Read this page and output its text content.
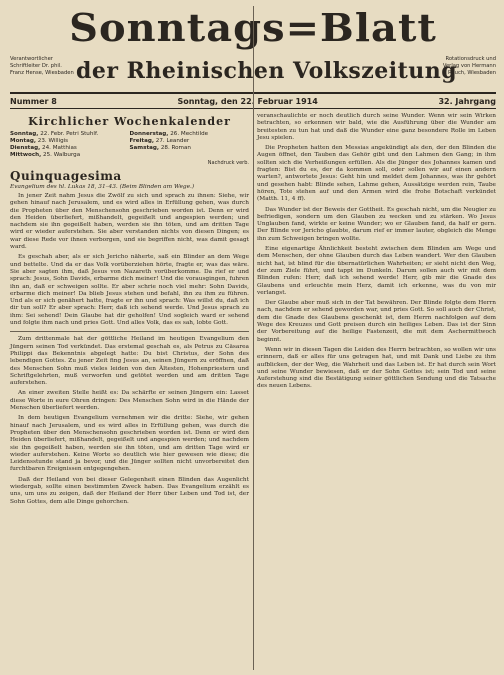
Sonntags=Blatt
Verantwortlicher Schriftleiter Dr. phil. Franz Hense, Wiesbaden der Rheinischen Volkszeitung
Rotationsdruck und Verlag von Hermann Rauch, Wiesbaden
Nummer 8	Sonntag, den 22. Februar 1914	32. Jahrgang
Kirchlicher Wochenkalender
Sonntag, 22. Febr. Petri Stuhlf.
Montag, 23. Willigis
Dienstag, 24. Matthias
Mittwoch, 25. Walburga
Donnerstag, 26. Mechtilde
Freitag, 27. Leander
Samstag, 28. Roman
Nachdruck verb.
Quinquagesima
Evangelium des hl. Lukas 18, 31–43. (Beim Blinden am Wege.)

In jener Zeit nahm Jesus die Zwölf zu sich und sprach zu ihnen: Siehe, wir gehen hinauf nach Jerusalem, und es wird alles in Erfüllung gehen, was durch die Propheten über den Menschensohn geschrieben worden ist. Denn er wird den Heiden überliefert, mißhandelt, gegeißelt und angespien werden; und nachdem sie ihn gegeißelt haben, werden sie ihn töten, und am dritten Tage wird er wieder auferstehen. Sie aber verstanden nichts von diesen Dingen; es war diese Rede vor ihnen verborgen, und sie begriffen nicht, was damit gesagt ward.

Es geschah aber, als er sich Jericho näherte, saß ein Blinder an dem Wege und bettelte. Und da er das Volk vorüberziehen hörte, fragte er, was das wäre. Sie aber sagten ihm, daß Jesus von Nazareth vorüberkomme. Da rief er und sprach: Jesus, Sohn Davids, erbarme dich meiner! Und die vorausgingen, fuhren ihn an, daß er schweigen sollte. Er aber schrie noch viel mehr: Sohn Davids, erbarme dich meiner! Da blieb Jesus stehen und befahl, ihn zu ihm zu führen. Und als er sich genähert hatte, fragte er ihn und sprach: Was willst du, daß ich dir tun soll? Er aber sprach: Herr, daß ich sehend werde. Und Jesus sprach zu ihm: Sei sehend! Dein Glaube hat dir geholfen! Und sogleich ward er sehend und folgte ihm nach und pries Gott. Und alles Volk, das es sah, lobte Gott.

Zum drittenmale hat der göttliche Heiland im heutigen Evangelium den Jüngern seinen Tod verkündet. Das erstemal geschah es, als Petrus zu Cäsarea Philippi das Bekenntnis abgelegt hatte: Du bist Christus, der Sohn des lebendigen Gottes. Zu jener Zeit fing Jesus an, seinen Jüngern zu eröffnen, daß des Menschen Sohn muß vieles leiden von den Ältesten, Hohenpriestern und Schriftgelehrten, muß verworfen und getötet werden und am dritten Tage auferstehen.

An einer zweiten Stelle heißt es: Da schärfte er seinen Jüngern ein: Lasset diese Worte in eure Ohren dringen: Des Menschen Sohn wird in die Hände der Menschen überliefert werden.

In dem heutigen Evangelium vernehmen wir die dritte: Siehe, wir gehen hinauf nach Jerusalem, und es wird alles in Erfüllung gehen, was durch die Propheten über den Menschensohn geschrieben worden ist. Denn er wird den Heiden überliefert, mißhandelt, gegeißelt und angespien werden; und nachdem sie ihn gegeißelt haben, werden sie ihn töten, und am dritten Tage wird er wieder auferstehen. Keine Worte so deutlich wie hier gewesen wie diese; die Leidensstunde stand ja bevor, und die Jünger sollten nicht unvorbereitet den furchtbaren Ereignissen entgegengehen.

Daß der Heiland von bei dieser Gelegenheit einen Blinden das Augenlicht wiedergab, sollte einen bestimmten Zweck haben. Das Evangelium erzählt es uns, um uns zu zeigen, daß der Heiland der Herr über Leben und Tod ist, der Sohn Gottes, dem alle Dinge gehorchen.

veranschaulichte er noch deutlich durch seine Wunder. Wenn wir sein Wirken betrachten, so erkennen wir bald, wie die Ausführung über die Wunder am breitesten zu tun hat und daß die Wunder eine ganz besondere Rolle im Leben Jesu spielen.

Die Propheten hatten den Messias angekündigt als den, der den Blinden die Augen öffnet, den Tauben das Gehör gibt und den Lahmen den Gang; in ihm sollten sich die Verheißungen erfüllen. Als die Jünger des Johannes kamen und fragten: Bist du es, der da kommen soll, oder sollen wir auf einen andern warten?, antwortete Jesus: Geht hin und meldet dem Johannes, was ihr gehört und gesehen habt: Blinde sehen, Lahme gehen, Aussätzige werden rein, Taube hören, Tote stehen auf und den Armen wird die frohe Botschaft verkündet (Matth. 11, 4 ff).

Das Wunder ist der Beweis der Gottheit. Es geschah nicht, um die Neugier zu befriedigen, sondern um den Glauben zu wecken und zu stärken. Wo Jesus Unglauben fand, wirkte er keine Wunder; wo er Glauben fand, da half er gern. Der Blinde vor Jericho glaubte, darum rief er immer lauter, obgleich die Menge ihn zum Schweigen bringen wollte.

Eine eigenartige Ähnlichkeit besteht zwischen dem Blinden am Wege und dem Menschen, der ohne Glauben durch das Leben wandert. Wer den Glauben nicht hat, ist blind für die übernatürlichen Wahrheiten; er sieht nicht den Weg, der zum Ziele führt, und tappt im Dunkeln. Darum sollen auch wir mit dem Blinden rufen: Herr, daß ich sehend werde! Herr, gib mir die Gnade des Glaubens und erleuchte mein Herz, damit ich erkenne, was du von mir verlangst.

Der Glaube aber muß sich in der Tat bewähren. Der Blinde folgte dem Herrn nach, nachdem er sehend geworden war, und pries Gott. So soll auch der Christ, dem die Gnade des Glaubens geschenkt ist, dem Herrn nachfolgen auf dem Wege des Kreuzes und Gott preisen durch ein heiliges Leben. Das ist der Sinn der Vorbereitung auf die heilige Fastenzeit, die mit dem Aschermittwoch beginnt.

Wenn wir in diesen Tagen die Leiden des Herrn betrachten, so wollen wir uns erinnern, daß er alles für uns getragen hat, und mit Dank und Liebe zu ihm aufblicken, der der Weg, die Wahrheit und das Leben ist. Er hat durch sein Wort und seine Wunder bewiesen, daß er der Sohn Gottes ist; sein Tod und seine Auferstehung sind die Bestätigung seiner göttlichen Sendung und die Tatsache des neuen Lebens.
